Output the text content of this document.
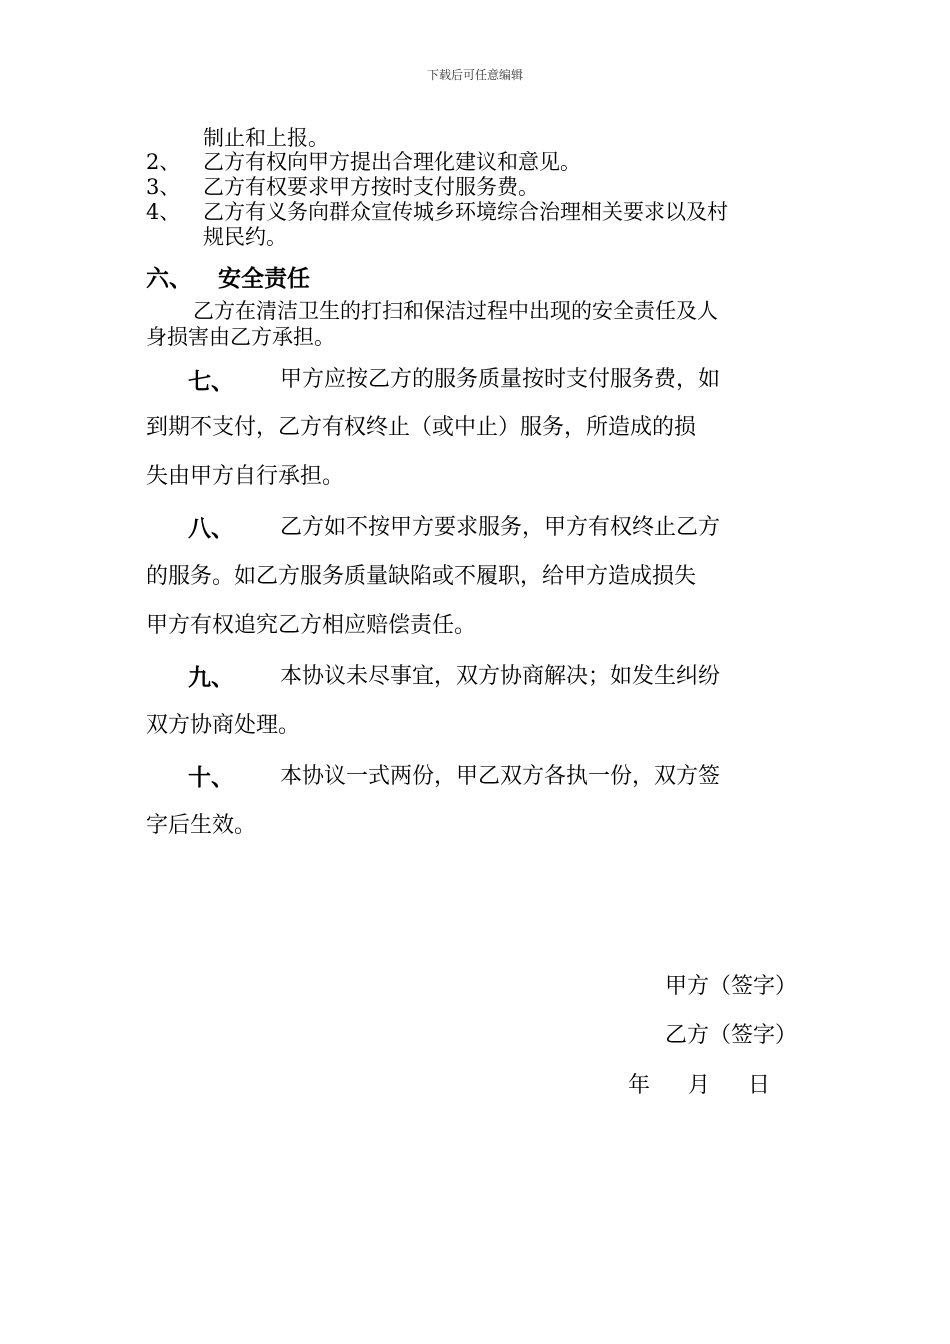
下载后可任意编辑
制止和上报。
2、 乙方有权向甲方提出合理化建议和意见。
3、 乙方有权要求甲方按时支付服务费。
4、 乙方有义务向群众宣传城乡环境综合治理相关要求以及村
规民约。
六、 安全责任
乙方在清洁卫生的打扫和保洁过程中出现的安全责任及人
身损害由乙方承担。
七、 甲方应按乙方的服务质量按时支付服务费，如
到期不支付，乙方有权终止（或中止）服务，所造成的损
失由甲方自行承担。
八、 乙方如不按甲方要求服务，甲方有权终止乙方
的服务。如乙方服务质量缺陷或不履职，给甲方造成损失
甲方有权追究乙方相应赔偿责任。
九、 本协议未尽事宜，双方协商解决；如发生纠纷
双方协商处理。
十、 本协议一式两份，甲乙双方各执一份，双方签
字后生效。
甲方（签字）
乙方（签字）
年 月 日
